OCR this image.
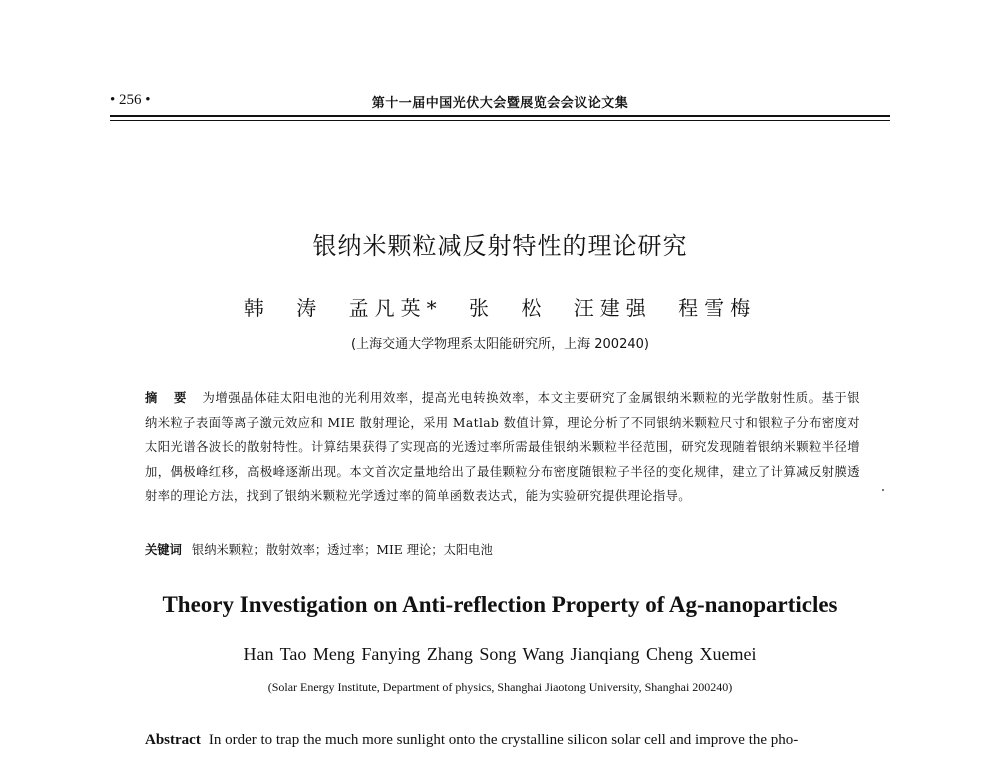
• 256 •	第十一届中国光伏大会暨展览会会议论文集
银纳米颗粒减反射特性的理论研究
韩 涛 孟凡英* 张 松 汪建强 程雪梅
(上海交通大学物理系太阳能研究所，上海 200240)
摘 要 为增强晶体硅太阳电池的光利用效率，提高光电转换效率，本文主要研究了金属银纳米颗粒的光学散射性质。基于银纳米粒子表面等离子激元效应和 MIE 散射理论，采用 Matlab 数值计算，理论分析了不同银纳米颗粒尺寸和银粒子分布密度对太阳光谱各波长的散射特性。计算结果获得了实现高的光透过率所需最佳银纳米颗粒半径范围，研究发现随着银纳米颗粒半径增加，偶极峰红移，高极峰逐渐出现。本文首次定量地给出了最佳颗粒分布密度随银粒子半径的变化规律，建立了计算减反射膜透射率的理论方法，找到了银纳米颗粒光学透过率的简单函数表达式，能为实验研究提供理论指导。
关键词 银纳米颗粒；散射效率；透过率；MIE 理论；太阳电池
Theory Investigation on Anti-reflection Property of Ag-nanoparticles
Han Tao Meng Fanying Zhang Song Wang Jianqiang Cheng Xuemei
(Solar Energy Institute, Department of physics, Shanghai Jiaotong University, Shanghai 200240)
Abstract In order to trap the much more sunlight onto the crystalline silicon solar cell and improve the pho-
